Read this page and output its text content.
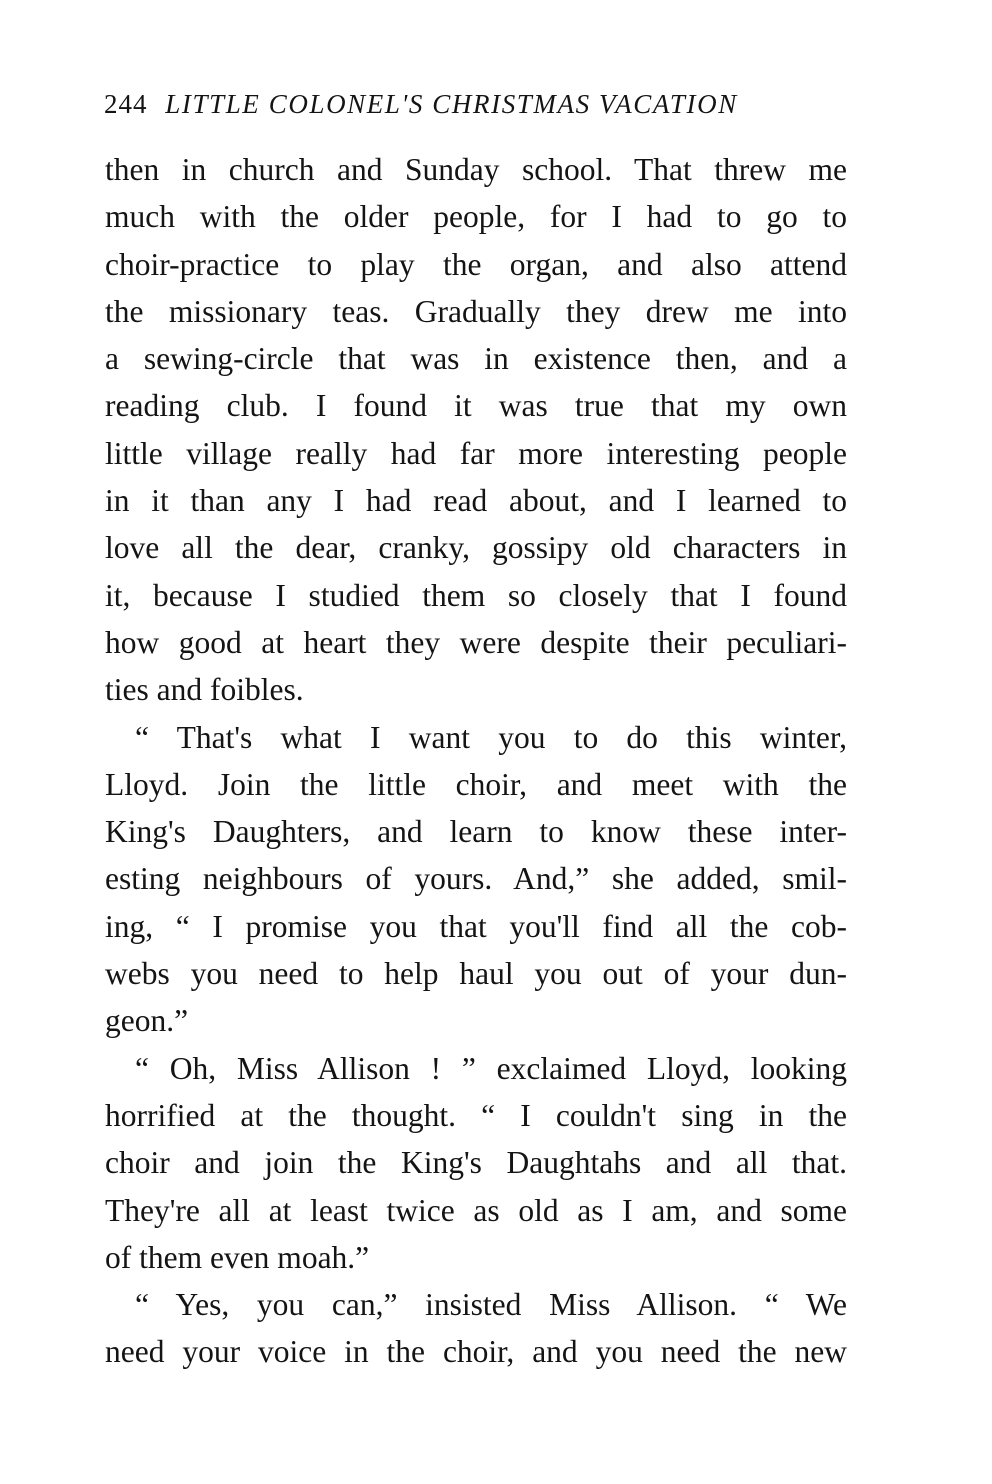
244 LITTLE COLONEL'S CHRISTMAS VACATION
then in church and Sunday school. That threw me
much with the older people, for I had to go to
choir-practice to play the organ, and also attend
the missionary teas. Gradually they drew me into
a sewing-circle that was in existence then, and a
reading club. I found it was true that my own
little village really had far more interesting people
in it than any I had read about, and I learned to
love all the dear, cranky, gossipy old characters in
it, because I studied them so closely that I found
how good at heart they were despite their peculiari-
ties and foibles.
“ That's what I want you to do this winter,
Lloyd. Join the little choir, and meet with the
King's Daughters, and learn to know these inter-
esting neighbours of yours. And,” she added, smil-
ing, “ I promise you that you'll find all the cob-
webs you need to help haul you out of your dun-
geon.”
“ Oh, Miss Allison ! ” exclaimed Lloyd, looking
horrified at the thought. “ I couldn't sing in the
choir and join the King's Daughtahs and all that.
They're all at least twice as old as I am, and some
of them even moah.”
“ Yes, you can,” insisted Miss Allison. “ We
need your voice in the choir, and you need the new
